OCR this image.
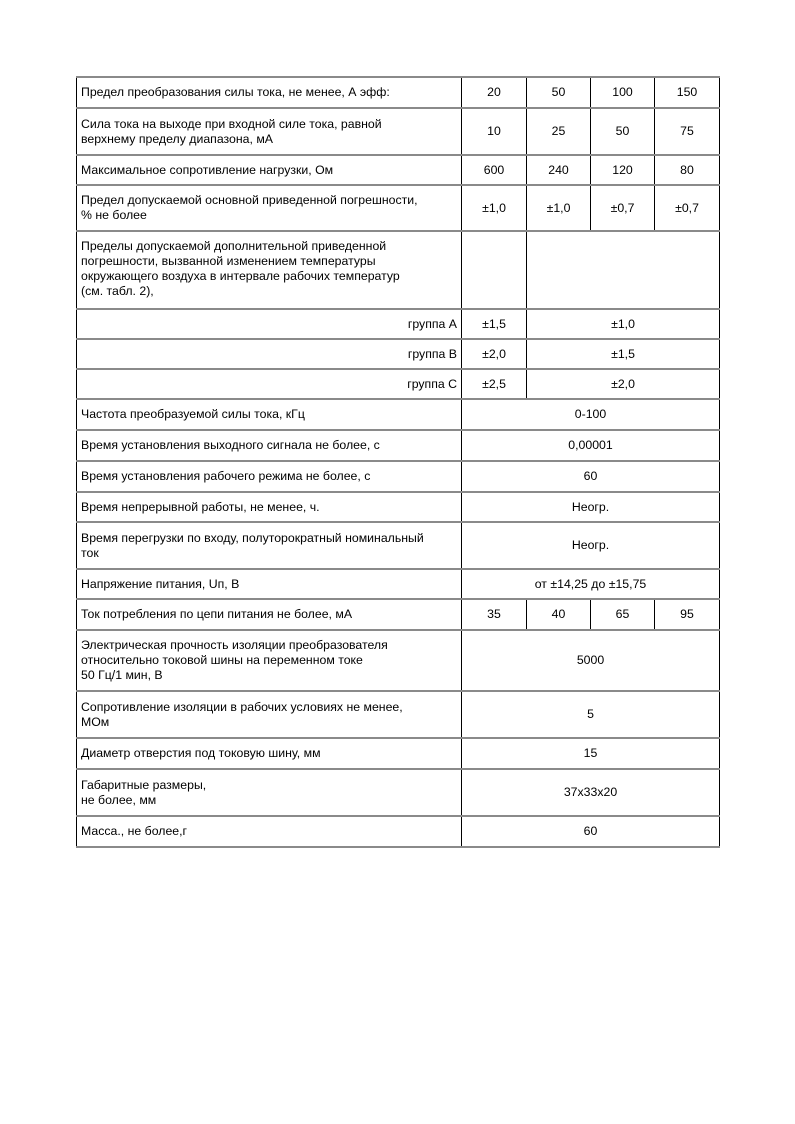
Предел преобразования силы тока, не менее, А эфф:	20	50	100	150
Сила тока на выходе при входной силе тока, равной
верхнему пределу диапазона, мА	10	25	50	75
Максимальное сопротивление нагрузки, Ом	600	240	120	80
Предел допускаемой основной приведенной погрешности,
% не более	±1,0	±1,0	±0,7	±0,7
Пределы допускаемой дополнительной приведенной
погрешности, вызванной изменением температуры
окружающего воздуха в интервале рабочих температур
(см. табл. 2),				
группа А	±1,5	±1,0		
группа В	±2,0	±1,5		
группа С	±2,5	±2,0		
Частота преобразуемой силы тока, кГц	0-100			
Время установления выходного сигнала не более, с	0,00001			
Время установления рабочего режима не более, с	60			
Время непрерывной работы, не менее, ч.	Неогр.			
Время перегрузки по входу, полуторократный номинальный
ток	Неогр.			
Напряжение питания, Uп, В	от ±14,25 до ±15,75			
Ток потребления по цепи питания не более, мА	35	40	65	95
Электрическая прочность изоляции преобразователя
относительно токовой шины на переменном токе
50 Гц/1 мин, В	5000			
Сопротивление изоляции в рабочих условиях не менее,
МОм	5			
Диаметр отверстия под токовую шину, мм	15			
Габаритные размеры,
не более, мм	37x33x20			
Масса., не более,г	60			
